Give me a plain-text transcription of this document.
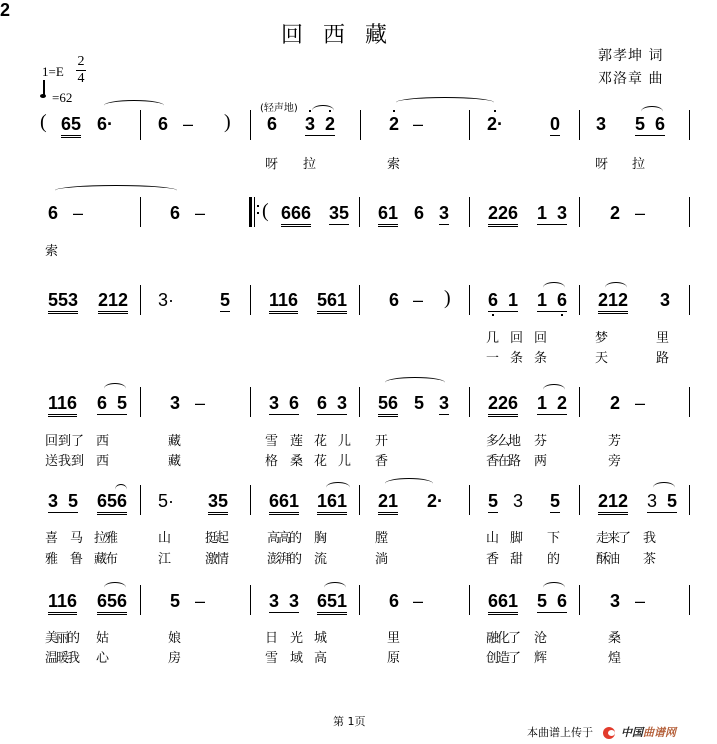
回西藏
郭孝坤 词
邓洛章 曲
1=E
2
4
=62
( 65 6· 6 – )
(轻声地)
6 3 2
2
2 –	2·	0 3 5 6
呀 拉	索	呀 拉
6 –	6 –	( 666 35 61 6 3 226 1 3 2 –
索
553 212 3·	5 116 561 6 – ) 6 1 1 6 212 3
几 回 回	梦	里
一 条 条	天	路
116 6 5 3 –	3 6 6 3 56 5 3 226 1 2 2 –
回到了 西	藏	雪 莲 花 儿 开	多么地 芬	芳
送我到 西	藏	格 桑 花 儿 香	香在路 两	旁
3 5 656 5· 35 661 161 21 2· 5 3 5 212 3 5
喜 马 拉雅	山	挺起	高高的 胸	膛	山 脚 下	走来了 我
雅 鲁 藏布	江	激情	澎湃的 流	淌	香 甜 的	酥油 茶
116 656 5 –	3 3 651 6 –	661 5 6 3 –
美丽的 姑	娘	日 光 城	里	融化了 沧	桑
温暖我 心	房	雪 域 高	原	创造了 辉	煌
第 1页
本曲谱上传于	中国曲谱网
